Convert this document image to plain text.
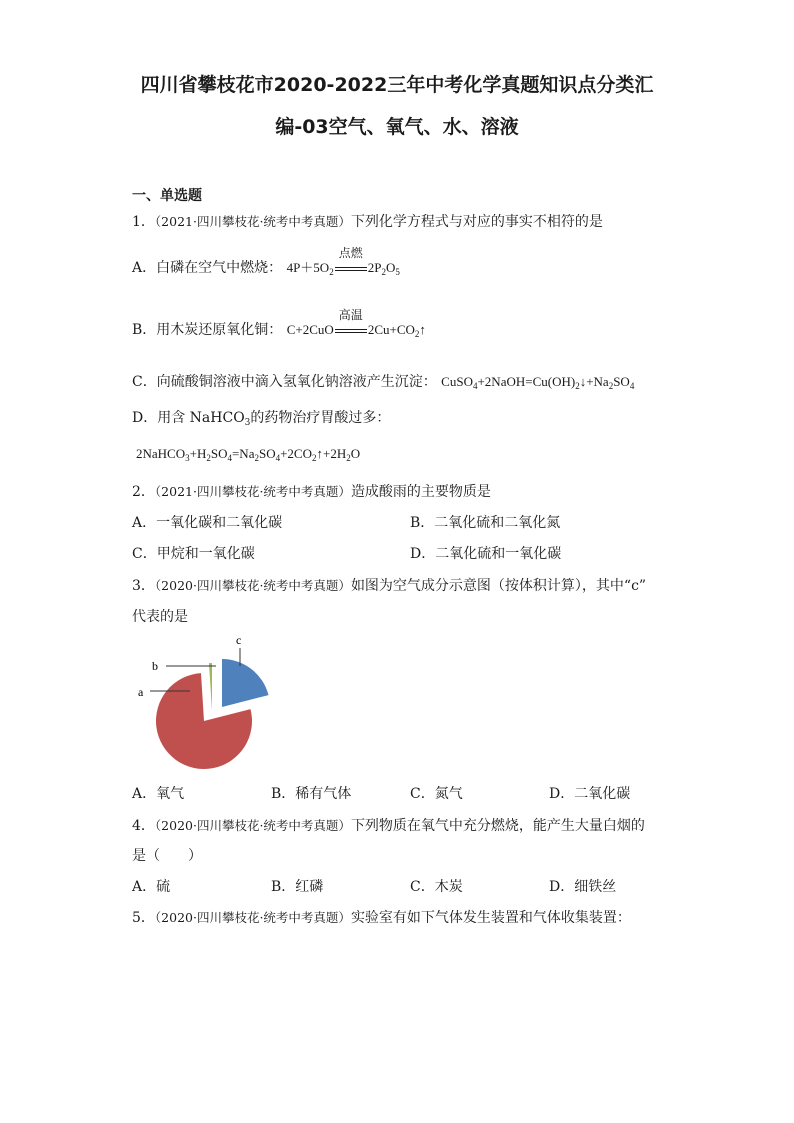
四川省攀枝花市2020-2022三年中考化学真题知识点分类汇
编-03空气、氧气、水、溶液
一、单选题
1．（2021·四川攀枝花·统考中考真题）下列化学方程式与对应的事实不相符的是
A．白磷在空气中燃烧： $4P+5O_2$
点燃
$2P_2O_5$
B．用木炭还原氧化铜： C+2CuO
高温
$2Cu+CO_2↑$
C．向硫酸铜溶液中滴入氢氧化钠溶液产生沉淀： $CuSO_4+2NaOH=Cu(OH)_2↓+Na_2SO_4$
D．用含 NaHCO$_3$的药物治疗胃酸过多：
$2NaHCO_3+H_2SO_4=Na_2SO_4+2CO_2↑+2H_2O$
2．（2021·四川攀枝花·统考中考真题）造成酸雨的主要物质是
A．一氧化碳和二氧化碳	B．二氧化硫和二氧化氮
C．甲烷和一氧化碳	D．二氧化硫和一氧化碳
3．（2020·四川攀枝花·统考中考真题）如图为空气成分示意图（按体积计算），其中“c”
代表的是
a
b
c
A．氧气	B．稀有气体	C．氮气	D．二氧化碳
4．（2020·四川攀枝花·统考中考真题）下列物质在氧气中充分燃烧，能产生大量白烟的
是（　　）
A．硫	B．红磷	C．木炭	D．细铁丝
5．（2020·四川攀枝花·统考中考真题）实验室有如下气体发生装置和气体收集装置：
